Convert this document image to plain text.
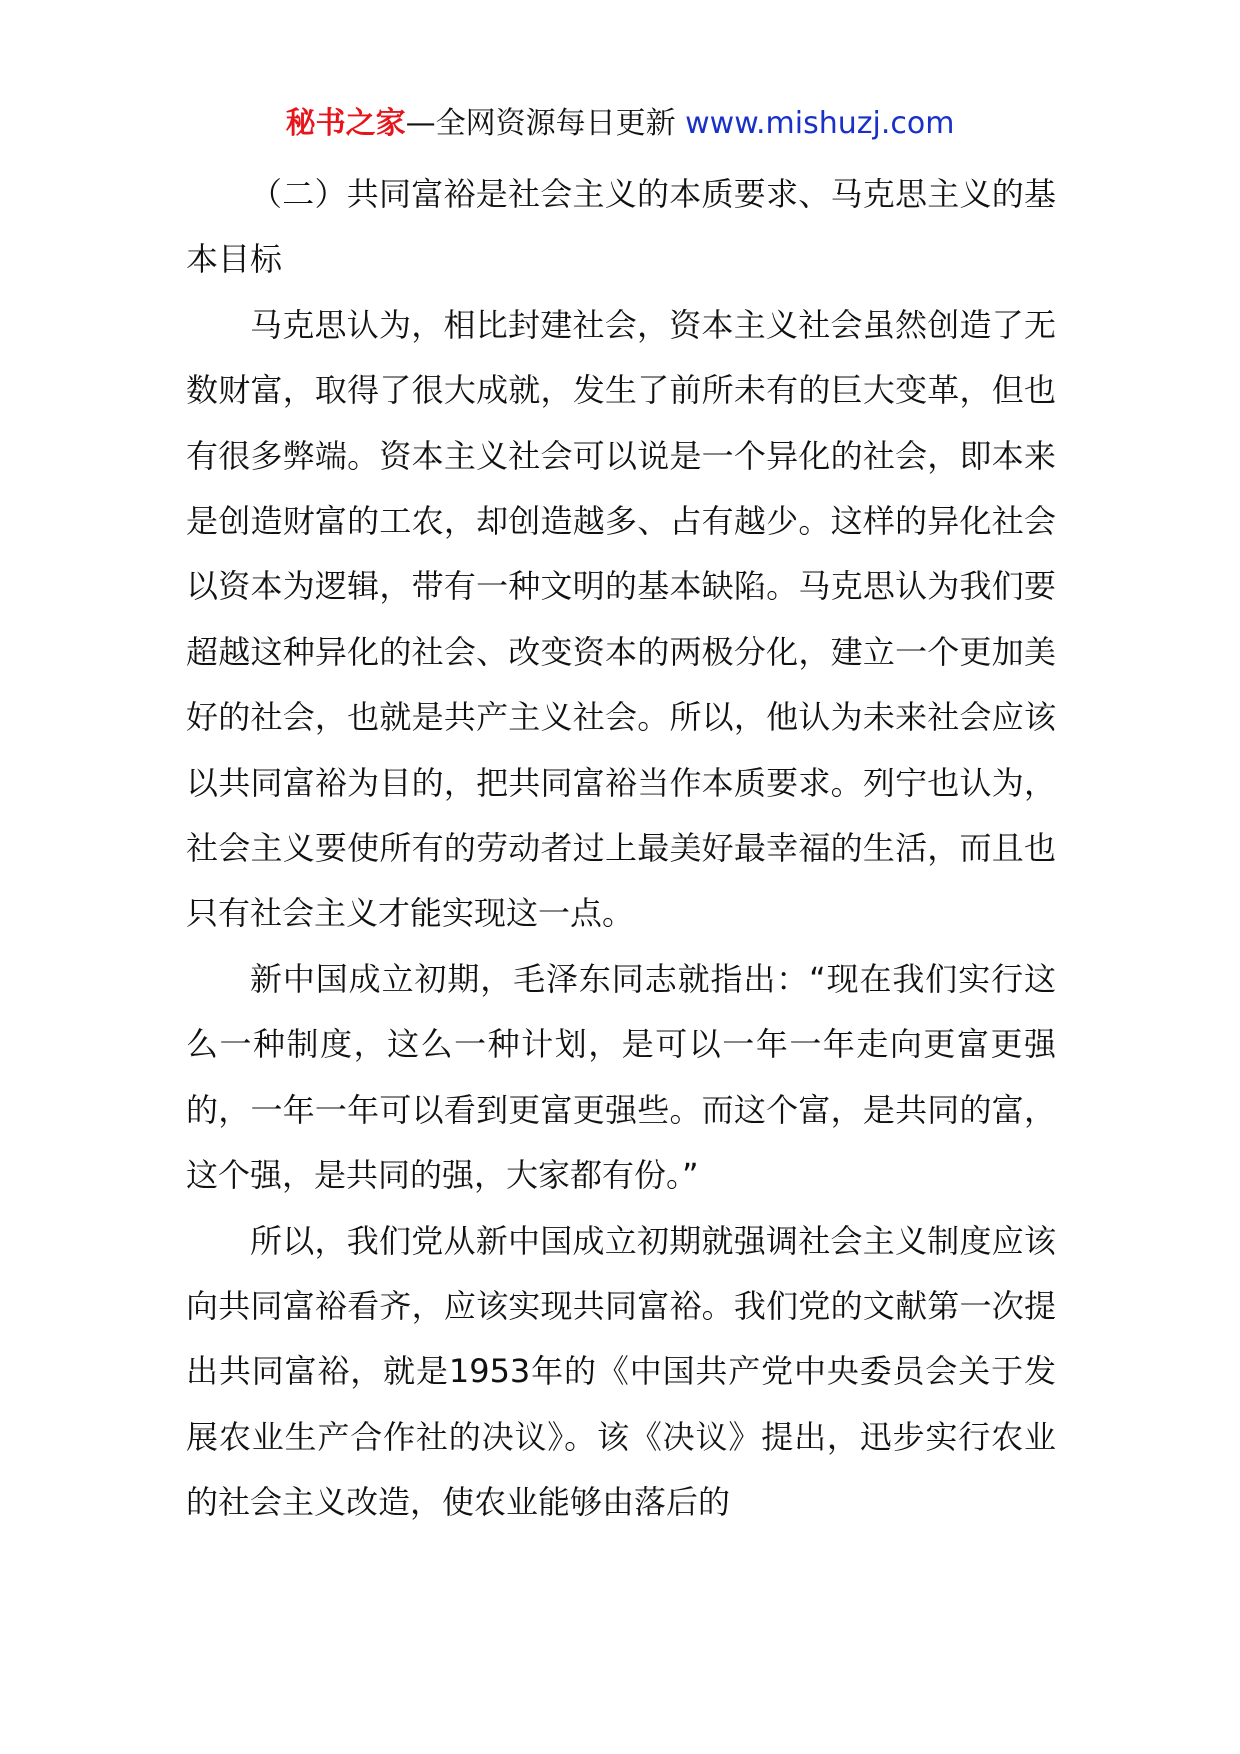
秘书之家—全网资源每日更新 www.mishuzj.com

（二）共同富裕是社会主义的本质要求、马克思主义的基本目标

马克思认为，相比封建社会，资本主义社会虽然创造了无数财富，取得了很大成就，发生了前所未有的巨大变革，但也有很多弊端。资本主义社会可以说是一个异化的社会，即本来是创造财富的工农，却创造越多、占有越少。这样的异化社会以资本为逻辑，带有一种文明的基本缺陷。马克思认为我们要超越这种异化的社会、改变资本的两极分化，建立一个更加美好的社会，也就是共产主义社会。所以，他认为未来社会应该以共同富裕为目的，把共同富裕当作本质要求。列宁也认为，社会主义要使所有的劳动者过上最美好最幸福的生活，而且也只有社会主义才能实现这一点。

新中国成立初期，毛泽东同志就指出：“现在我们实行这么一种制度，这么一种计划，是可以一年一年走向更富更强的，一年一年可以看到更富更强些。而这个富，是共同的富，这个强，是共同的强，大家都有份。”

所以，我们党从新中国成立初期就强调社会主义制度应该向共同富裕看齐，应该实现共同富裕。我们党的文献第一次提出共同富裕，就是1953年的《中国共产党中央委员会关于发展农业生产合作社的决议》。该《决议》提出，迅步实行农业的社会主义改造，使农业能够由落后的
